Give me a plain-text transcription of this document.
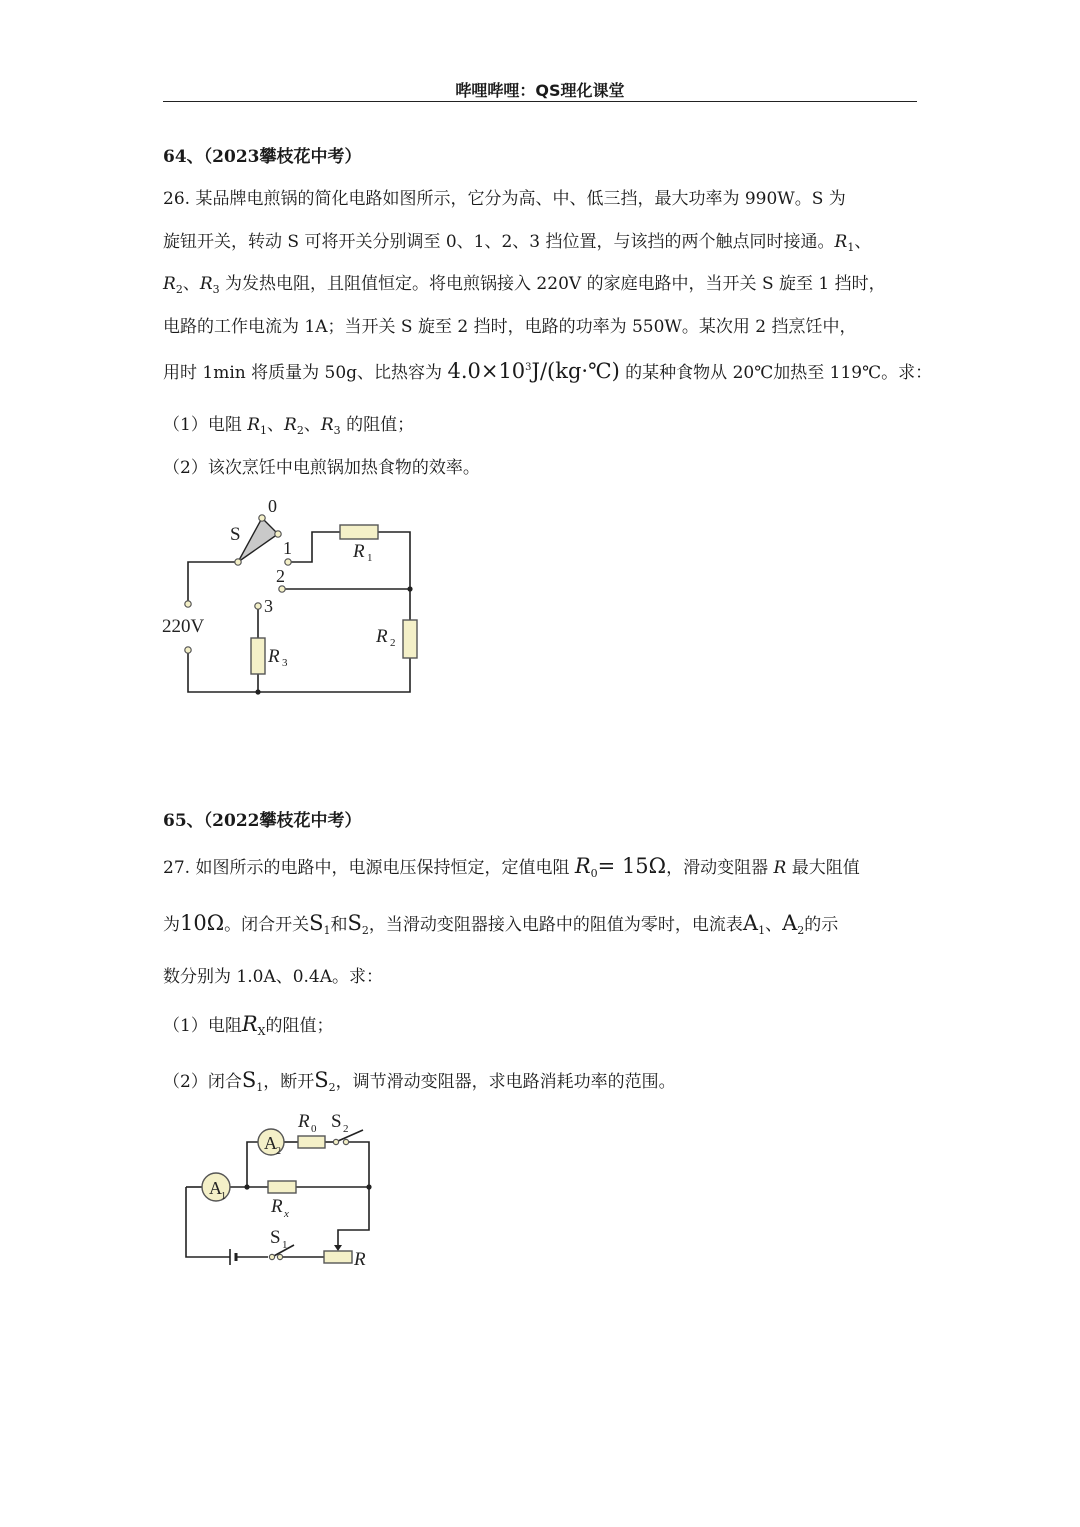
哔哩哔哩：QS理化课堂
64、（2023攀枝花中考）
26. 某品牌电煎锅的简化电路如图所示，它分为高、中、低三挡，最大功率为 990W。S 为
旋钮开关，转动 S 可将开关分别调至 0、1、2、3 挡位置，与该挡的两个触点同时接通。$R_1$、
$R_2$、$R_3$ 为发热电阻，且阻值恒定。将电煎锅接入 220V 的家庭电路中，当开关 S 旋至 1 挡时，
电路的工作电流为 1A；当开关 S 旋至 2 挡时，电路的功率为 550W。某次用 2 挡烹饪中，
用时 1min 将质量为 50g、比热容为 $4.0\times 10^3J/(kg\cdot℃)$ 的某种食物从 20℃加热至 119℃。求：
（1）电阻 $R_1$、$R_2$、$R_3$ 的阻值；
（2）该次烹饪中电煎锅加热食物的效率。
S
0
1
2
3
220V
R 1
R 2
R 3
65、（2022攀枝花中考）
27. 如图所示的电路中，电源电压保持恒定，定值电阻 $R_0= 15\Omega$，滑动变阻器 R 最大阻值
为10Ω。闭合开关$S_1$和$S_2$，当滑动变阻器接入电路中的阻值为零时，电流表$A_1$、$A_2$的示
数分别为 1.0A、0.4A。求：
（1）电阻$R_X$的阻值；
（2）闭合$S_1$，断开$S_2$，调节滑动变阻器，求电路消耗功率的范围。
A 1
A 2
R 0 S 2
R x
S 1
R
